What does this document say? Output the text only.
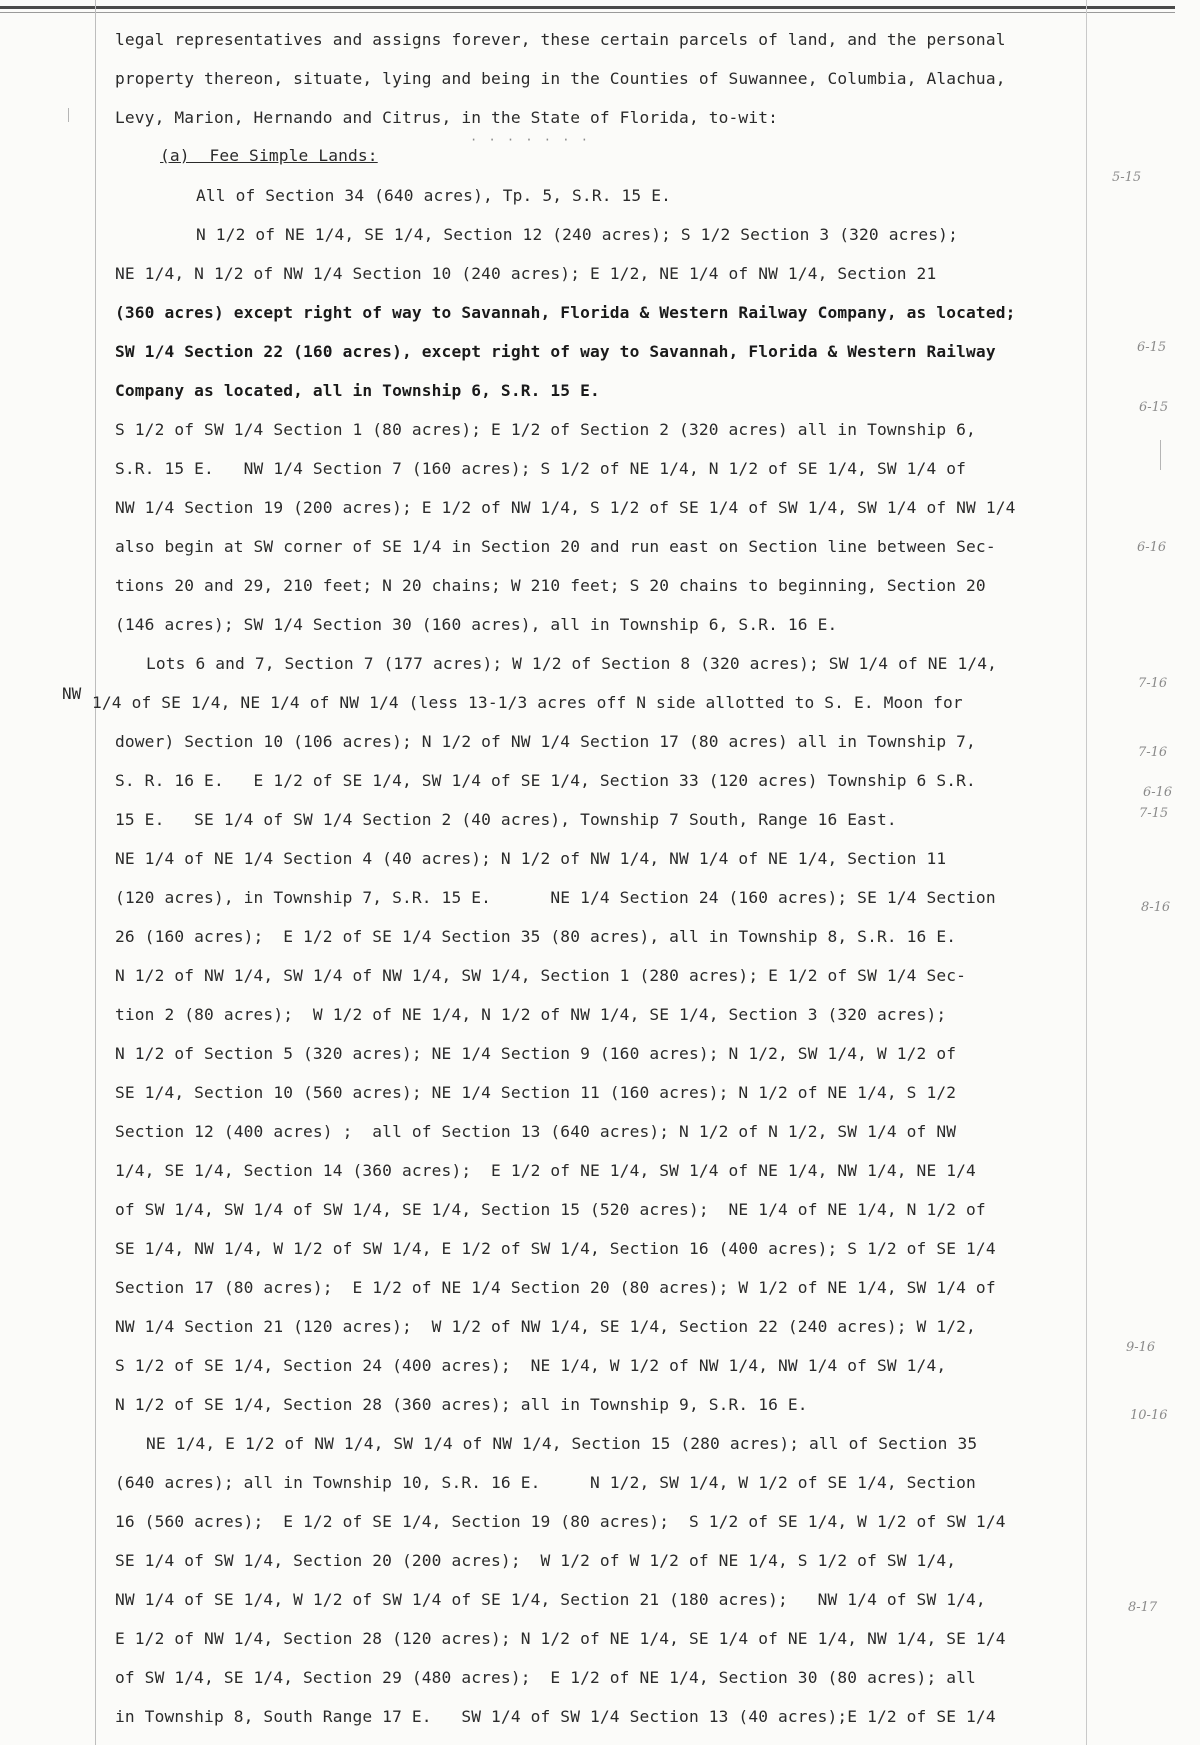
NW
legal representatives and assigns forever, these certain parcels of land, and the personal
property thereon, situate, lying and being in the Counties of Suwannee, Columbia, Alachua,
Levy, Marion, Hernando and Citrus, in the State of Florida, to-wit:
(a)  Fee Simple Lands:
All of Section 34 (640 acres), Tp. 5, S.R. 15 E.
N 1/2 of NE 1/4, SE 1/4, Section 12 (240 acres); S 1/2 Section 3 (320 acres);
NE 1/4, N 1/2 of NW 1/4 Section 10 (240 acres); E 1/2, NE 1/4 of NW 1/4, Section 21
(360 acres) except right of way to Savannah, Florida & Western Railway Company, as located;
SW 1/4 Section 22 (160 acres), except right of way to Savannah, Florida & Western Railway
Company as located, all in Township 6, S.R. 15 E.
S 1/2 of SW 1/4 Section 1 (80 acres); E 1/2 of Section 2 (320 acres) all in Township 6,
S.R. 15 E.   NW 1/4 Section 7 (160 acres); S 1/2 of NE 1/4, N 1/2 of SE 1/4, SW 1/4 of
NW 1/4 Section 19 (200 acres); E 1/2 of NW 1/4, S 1/2 of SE 1/4 of SW 1/4, SW 1/4 of NW 1/4
also begin at SW corner of SE 1/4 in Section 20 and run east on Section line between Sec-
tions 20 and 29, 210 feet; N 20 chains; W 210 feet; S 20 chains to beginning, Section 20
(146 acres); SW 1/4 Section 30 (160 acres), all in Township 6, S.R. 16 E.
Lots 6 and 7, Section 7 (177 acres); W 1/2 of Section 8 (320 acres); SW 1/4 of NE 1/4,
1/4 of SE 1/4, NE 1/4 of NW 1/4 (less 13-1/3 acres off N side allotted to S. E. Moon for
dower) Section 10 (106 acres); N 1/2 of NW 1/4 Section 17 (80 acres) all in Township 7,
S. R. 16 E.   E 1/2 of SE 1/4, SW 1/4 of SE 1/4, Section 33 (120 acres) Township 6 S.R.
15 E.   SE 1/4 of SW 1/4 Section 2 (40 acres), Township 7 South, Range 16 East.
NE 1/4 of NE 1/4 Section 4 (40 acres); N 1/2 of NW 1/4, NW 1/4 of NE 1/4, Section 11
(120 acres), in Township 7, S.R. 15 E.      NE 1/4 Section 24 (160 acres); SE 1/4 Section
26 (160 acres);  E 1/2 of SE 1/4 Section 35 (80 acres), all in Township 8, S.R. 16 E.
N 1/2 of NW 1/4, SW 1/4 of NW 1/4, SW 1/4, Section 1 (280 acres); E 1/2 of SW 1/4 Sec-
tion 2 (80 acres);  W 1/2 of NE 1/4, N 1/2 of NW 1/4, SE 1/4, Section 3 (320 acres);
N 1/2 of Section 5 (320 acres); NE 1/4 Section 9 (160 acres); N 1/2, SW 1/4, W 1/2 of
SE 1/4, Section 10 (560 acres); NE 1/4 Section 11 (160 acres); N 1/2 of NE 1/4, S 1/2
Section 12 (400 acres) ;  all of Section 13 (640 acres); N 1/2 of N 1/2, SW 1/4 of NW
1/4, SE 1/4, Section 14 (360 acres);  E 1/2 of NE 1/4, SW 1/4 of NE 1/4, NW 1/4, NE 1/4
of SW 1/4, SW 1/4 of SW 1/4, SE 1/4, Section 15 (520 acres);  NE 1/4 of NE 1/4, N 1/2 of
SE 1/4, NW 1/4, W 1/2 of SW 1/4, E 1/2 of SW 1/4, Section 16 (400 acres); S 1/2 of SE 1/4
Section 17 (80 acres);  E 1/2 of NE 1/4 Section 20 (80 acres); W 1/2 of NE 1/4, SW 1/4 of
NW 1/4 Section 21 (120 acres);  W 1/2 of NW 1/4, SE 1/4, Section 22 (240 acres); W 1/2,
S 1/2 of SE 1/4, Section 24 (400 acres);  NE 1/4, W 1/2 of NW 1/4, NW 1/4 of SW 1/4,
N 1/2 of SE 1/4, Section 28 (360 acres); all in Township 9, S.R. 16 E.
NE 1/4, E 1/2 of NW 1/4, SW 1/4 of NW 1/4, Section 15 (280 acres); all of Section 35
(640 acres); all in Township 10, S.R. 16 E.     N 1/2, SW 1/4, W 1/2 of SE 1/4, Section
16 (560 acres);  E 1/2 of SE 1/4, Section 19 (80 acres);  S 1/2 of SE 1/4, W 1/2 of SW 1/4
SE 1/4 of SW 1/4, Section 20 (200 acres);  W 1/2 of W 1/2 of NE 1/4, S 1/2 of SW 1/4,
NW 1/4 of SE 1/4, W 1/2 of SW 1/4 of SE 1/4, Section 21 (180 acres);   NW 1/4 of SW 1/4,
E 1/2 of NW 1/4, Section 28 (120 acres); N 1/2 of NE 1/4, SE 1/4 of NE 1/4, NW 1/4, SE 1/4
of SW 1/4, SE 1/4, Section 29 (480 acres);  E 1/2 of NE 1/4, Section 30 (80 acres); all
in Township 8, South Range 17 E.   SW 1/4 of SW 1/4 Section 13 (40 acres);E 1/2 of SE 1/4
5-15
6-15
6-15
6-16
7-16
7-16
6-16
7-15
8-16
9-16
10-16
8-17
· · · · · · ·
